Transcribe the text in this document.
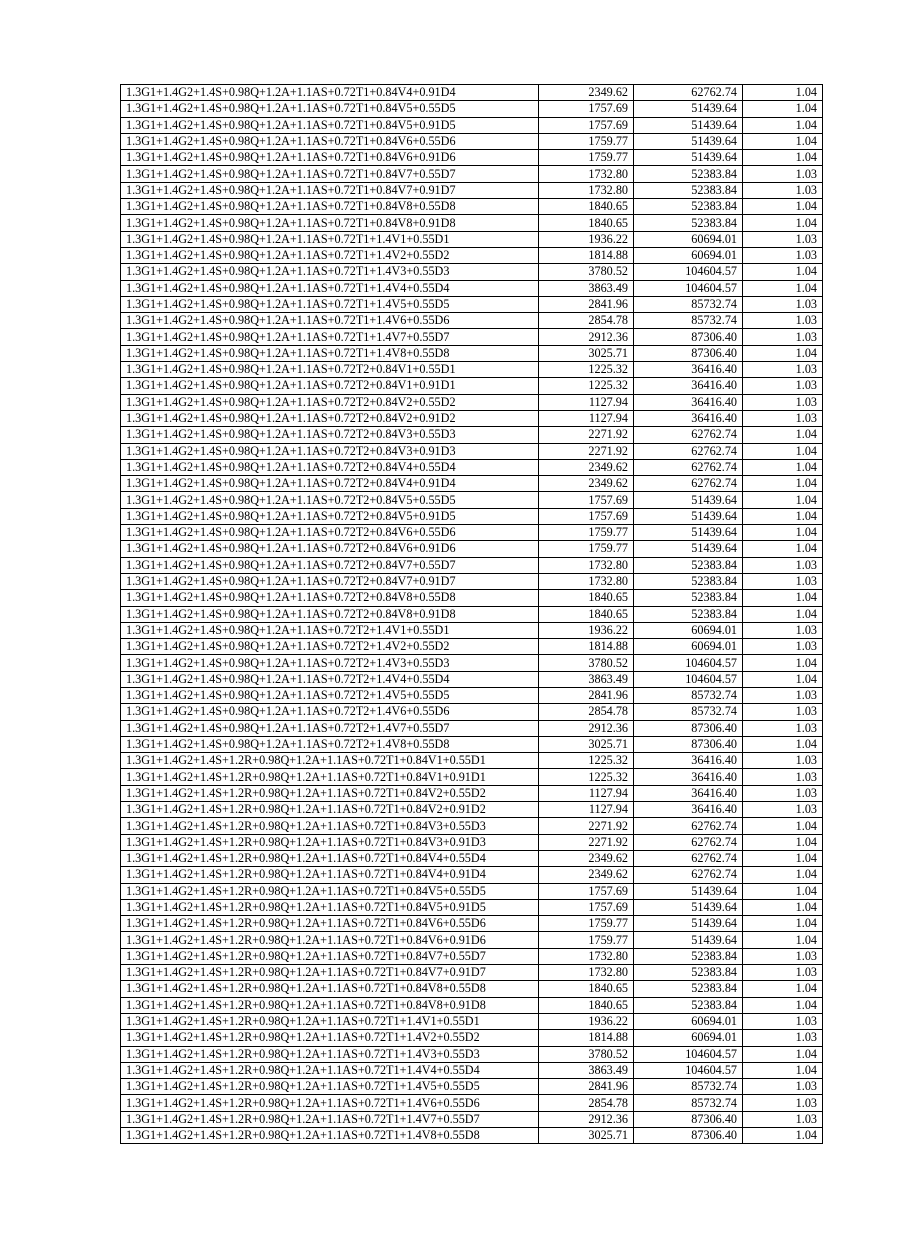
1.3G1+1.4G2+1.4S+0.98Q+1.2A+1.1AS+0.72T1+0.84V4+0.91D4	2349.62	62762.74	1.04
1.3G1+1.4G2+1.4S+0.98Q+1.2A+1.1AS+0.72T1+0.84V5+0.55D5	1757.69	51439.64	1.04
1.3G1+1.4G2+1.4S+0.98Q+1.2A+1.1AS+0.72T1+0.84V5+0.91D5	1757.69	51439.64	1.04
1.3G1+1.4G2+1.4S+0.98Q+1.2A+1.1AS+0.72T1+0.84V6+0.55D6	1759.77	51439.64	1.04
1.3G1+1.4G2+1.4S+0.98Q+1.2A+1.1AS+0.72T1+0.84V6+0.91D6	1759.77	51439.64	1.04
1.3G1+1.4G2+1.4S+0.98Q+1.2A+1.1AS+0.72T1+0.84V7+0.55D7	1732.80	52383.84	1.03
1.3G1+1.4G2+1.4S+0.98Q+1.2A+1.1AS+0.72T1+0.84V7+0.91D7	1732.80	52383.84	1.03
1.3G1+1.4G2+1.4S+0.98Q+1.2A+1.1AS+0.72T1+0.84V8+0.55D8	1840.65	52383.84	1.04
1.3G1+1.4G2+1.4S+0.98Q+1.2A+1.1AS+0.72T1+0.84V8+0.91D8	1840.65	52383.84	1.04
1.3G1+1.4G2+1.4S+0.98Q+1.2A+1.1AS+0.72T1+1.4V1+0.55D1	1936.22	60694.01	1.03
1.3G1+1.4G2+1.4S+0.98Q+1.2A+1.1AS+0.72T1+1.4V2+0.55D2	1814.88	60694.01	1.03
1.3G1+1.4G2+1.4S+0.98Q+1.2A+1.1AS+0.72T1+1.4V3+0.55D3	3780.52	104604.57	1.04
1.3G1+1.4G2+1.4S+0.98Q+1.2A+1.1AS+0.72T1+1.4V4+0.55D4	3863.49	104604.57	1.04
1.3G1+1.4G2+1.4S+0.98Q+1.2A+1.1AS+0.72T1+1.4V5+0.55D5	2841.96	85732.74	1.03
1.3G1+1.4G2+1.4S+0.98Q+1.2A+1.1AS+0.72T1+1.4V6+0.55D6	2854.78	85732.74	1.03
1.3G1+1.4G2+1.4S+0.98Q+1.2A+1.1AS+0.72T1+1.4V7+0.55D7	2912.36	87306.40	1.03
1.3G1+1.4G2+1.4S+0.98Q+1.2A+1.1AS+0.72T1+1.4V8+0.55D8	3025.71	87306.40	1.04
1.3G1+1.4G2+1.4S+0.98Q+1.2A+1.1AS+0.72T2+0.84V1+0.55D1	1225.32	36416.40	1.03
1.3G1+1.4G2+1.4S+0.98Q+1.2A+1.1AS+0.72T2+0.84V1+0.91D1	1225.32	36416.40	1.03
1.3G1+1.4G2+1.4S+0.98Q+1.2A+1.1AS+0.72T2+0.84V2+0.55D2	1127.94	36416.40	1.03
1.3G1+1.4G2+1.4S+0.98Q+1.2A+1.1AS+0.72T2+0.84V2+0.91D2	1127.94	36416.40	1.03
1.3G1+1.4G2+1.4S+0.98Q+1.2A+1.1AS+0.72T2+0.84V3+0.55D3	2271.92	62762.74	1.04
1.3G1+1.4G2+1.4S+0.98Q+1.2A+1.1AS+0.72T2+0.84V3+0.91D3	2271.92	62762.74	1.04
1.3G1+1.4G2+1.4S+0.98Q+1.2A+1.1AS+0.72T2+0.84V4+0.55D4	2349.62	62762.74	1.04
1.3G1+1.4G2+1.4S+0.98Q+1.2A+1.1AS+0.72T2+0.84V4+0.91D4	2349.62	62762.74	1.04
1.3G1+1.4G2+1.4S+0.98Q+1.2A+1.1AS+0.72T2+0.84V5+0.55D5	1757.69	51439.64	1.04
1.3G1+1.4G2+1.4S+0.98Q+1.2A+1.1AS+0.72T2+0.84V5+0.91D5	1757.69	51439.64	1.04
1.3G1+1.4G2+1.4S+0.98Q+1.2A+1.1AS+0.72T2+0.84V6+0.55D6	1759.77	51439.64	1.04
1.3G1+1.4G2+1.4S+0.98Q+1.2A+1.1AS+0.72T2+0.84V6+0.91D6	1759.77	51439.64	1.04
1.3G1+1.4G2+1.4S+0.98Q+1.2A+1.1AS+0.72T2+0.84V7+0.55D7	1732.80	52383.84	1.03
1.3G1+1.4G2+1.4S+0.98Q+1.2A+1.1AS+0.72T2+0.84V7+0.91D7	1732.80	52383.84	1.03
1.3G1+1.4G2+1.4S+0.98Q+1.2A+1.1AS+0.72T2+0.84V8+0.55D8	1840.65	52383.84	1.04
1.3G1+1.4G2+1.4S+0.98Q+1.2A+1.1AS+0.72T2+0.84V8+0.91D8	1840.65	52383.84	1.04
1.3G1+1.4G2+1.4S+0.98Q+1.2A+1.1AS+0.72T2+1.4V1+0.55D1	1936.22	60694.01	1.03
1.3G1+1.4G2+1.4S+0.98Q+1.2A+1.1AS+0.72T2+1.4V2+0.55D2	1814.88	60694.01	1.03
1.3G1+1.4G2+1.4S+0.98Q+1.2A+1.1AS+0.72T2+1.4V3+0.55D3	3780.52	104604.57	1.04
1.3G1+1.4G2+1.4S+0.98Q+1.2A+1.1AS+0.72T2+1.4V4+0.55D4	3863.49	104604.57	1.04
1.3G1+1.4G2+1.4S+0.98Q+1.2A+1.1AS+0.72T2+1.4V5+0.55D5	2841.96	85732.74	1.03
1.3G1+1.4G2+1.4S+0.98Q+1.2A+1.1AS+0.72T2+1.4V6+0.55D6	2854.78	85732.74	1.03
1.3G1+1.4G2+1.4S+0.98Q+1.2A+1.1AS+0.72T2+1.4V7+0.55D7	2912.36	87306.40	1.03
1.3G1+1.4G2+1.4S+0.98Q+1.2A+1.1AS+0.72T2+1.4V8+0.55D8	3025.71	87306.40	1.04
1.3G1+1.4G2+1.4S+1.2R+0.98Q+1.2A+1.1AS+0.72T1+0.84V1+0.55D1	1225.32	36416.40	1.03
1.3G1+1.4G2+1.4S+1.2R+0.98Q+1.2A+1.1AS+0.72T1+0.84V1+0.91D1	1225.32	36416.40	1.03
1.3G1+1.4G2+1.4S+1.2R+0.98Q+1.2A+1.1AS+0.72T1+0.84V2+0.55D2	1127.94	36416.40	1.03
1.3G1+1.4G2+1.4S+1.2R+0.98Q+1.2A+1.1AS+0.72T1+0.84V2+0.91D2	1127.94	36416.40	1.03
1.3G1+1.4G2+1.4S+1.2R+0.98Q+1.2A+1.1AS+0.72T1+0.84V3+0.55D3	2271.92	62762.74	1.04
1.3G1+1.4G2+1.4S+1.2R+0.98Q+1.2A+1.1AS+0.72T1+0.84V3+0.91D3	2271.92	62762.74	1.04
1.3G1+1.4G2+1.4S+1.2R+0.98Q+1.2A+1.1AS+0.72T1+0.84V4+0.55D4	2349.62	62762.74	1.04
1.3G1+1.4G2+1.4S+1.2R+0.98Q+1.2A+1.1AS+0.72T1+0.84V4+0.91D4	2349.62	62762.74	1.04
1.3G1+1.4G2+1.4S+1.2R+0.98Q+1.2A+1.1AS+0.72T1+0.84V5+0.55D5	1757.69	51439.64	1.04
1.3G1+1.4G2+1.4S+1.2R+0.98Q+1.2A+1.1AS+0.72T1+0.84V5+0.91D5	1757.69	51439.64	1.04
1.3G1+1.4G2+1.4S+1.2R+0.98Q+1.2A+1.1AS+0.72T1+0.84V6+0.55D6	1759.77	51439.64	1.04
1.3G1+1.4G2+1.4S+1.2R+0.98Q+1.2A+1.1AS+0.72T1+0.84V6+0.91D6	1759.77	51439.64	1.04
1.3G1+1.4G2+1.4S+1.2R+0.98Q+1.2A+1.1AS+0.72T1+0.84V7+0.55D7	1732.80	52383.84	1.03
1.3G1+1.4G2+1.4S+1.2R+0.98Q+1.2A+1.1AS+0.72T1+0.84V7+0.91D7	1732.80	52383.84	1.03
1.3G1+1.4G2+1.4S+1.2R+0.98Q+1.2A+1.1AS+0.72T1+0.84V8+0.55D8	1840.65	52383.84	1.04
1.3G1+1.4G2+1.4S+1.2R+0.98Q+1.2A+1.1AS+0.72T1+0.84V8+0.91D8	1840.65	52383.84	1.04
1.3G1+1.4G2+1.4S+1.2R+0.98Q+1.2A+1.1AS+0.72T1+1.4V1+0.55D1	1936.22	60694.01	1.03
1.3G1+1.4G2+1.4S+1.2R+0.98Q+1.2A+1.1AS+0.72T1+1.4V2+0.55D2	1814.88	60694.01	1.03
1.3G1+1.4G2+1.4S+1.2R+0.98Q+1.2A+1.1AS+0.72T1+1.4V3+0.55D3	3780.52	104604.57	1.04
1.3G1+1.4G2+1.4S+1.2R+0.98Q+1.2A+1.1AS+0.72T1+1.4V4+0.55D4	3863.49	104604.57	1.04
1.3G1+1.4G2+1.4S+1.2R+0.98Q+1.2A+1.1AS+0.72T1+1.4V5+0.55D5	2841.96	85732.74	1.03
1.3G1+1.4G2+1.4S+1.2R+0.98Q+1.2A+1.1AS+0.72T1+1.4V6+0.55D6	2854.78	85732.74	1.03
1.3G1+1.4G2+1.4S+1.2R+0.98Q+1.2A+1.1AS+0.72T1+1.4V7+0.55D7	2912.36	87306.40	1.03
1.3G1+1.4G2+1.4S+1.2R+0.98Q+1.2A+1.1AS+0.72T1+1.4V8+0.55D8	3025.71	87306.40	1.04
